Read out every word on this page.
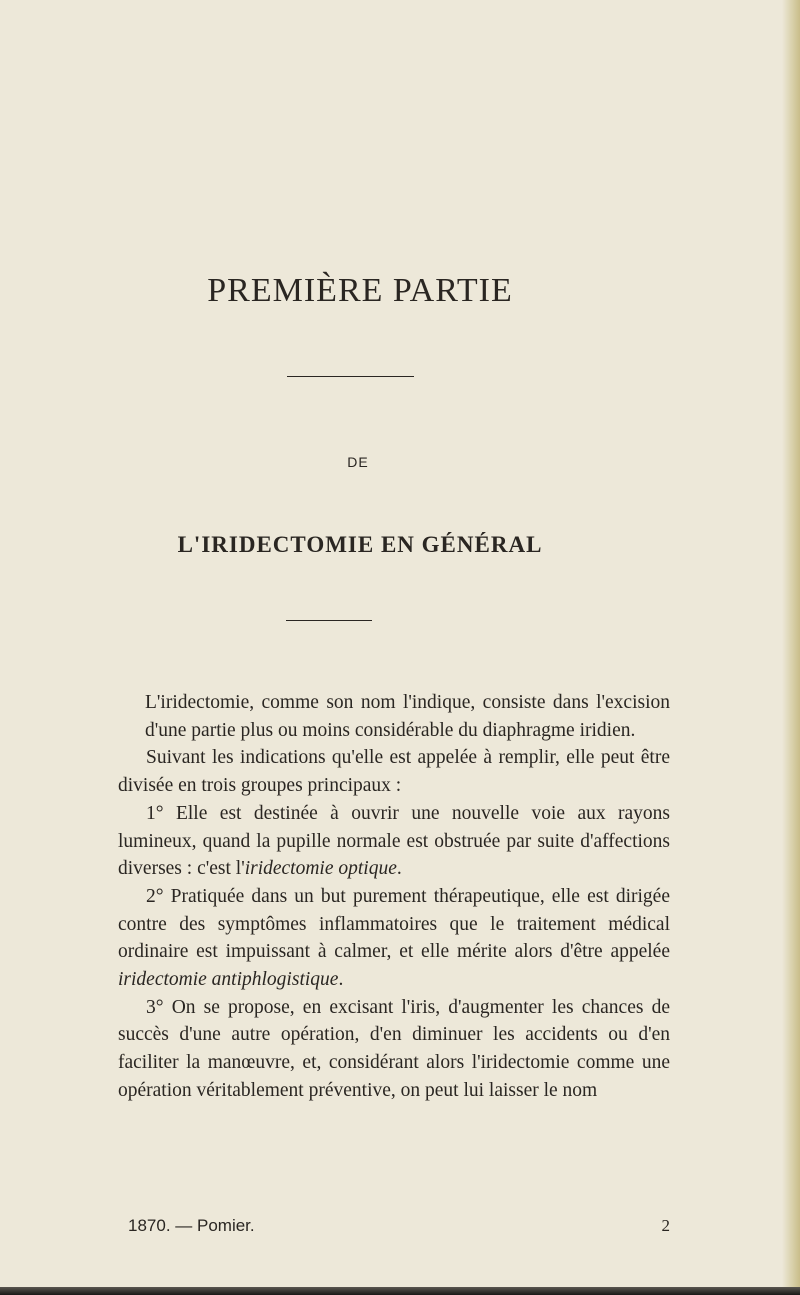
PREMIÈRE PARTIE
DE
L'IRIDECTOMIE EN GÉNÉRAL

L'iridectomie, comme son nom l'indique, consiste dans l'excision d'une partie plus ou moins considérable du diaphragme iridien.

Suivant les indications qu'elle est appelée à remplir, elle peut être divisée en trois groupes principaux :

1° Elle est destinée à ouvrir une nouvelle voie aux rayons lumineux, quand la pupille normale est obstruée par suite d'affections diverses : c'est l'iridectomie optique.

2° Pratiquée dans un but purement thérapeutique, elle est dirigée contre des symptômes inflammatoires que le traitement médical ordinaire est impuissant à calmer, et elle mérite alors d'être appelée iridectomie antiphlogistique.

3° On se propose, en excisant l'iris, d'augmenter les chances de succès d'une autre opération, d'en diminuer les accidents ou d'en faciliter la manœuvre, et, considérant alors l'iridectomie comme une opération véritablement préventive, on peut lui laisser le nom

1870. — Pomier.	2
